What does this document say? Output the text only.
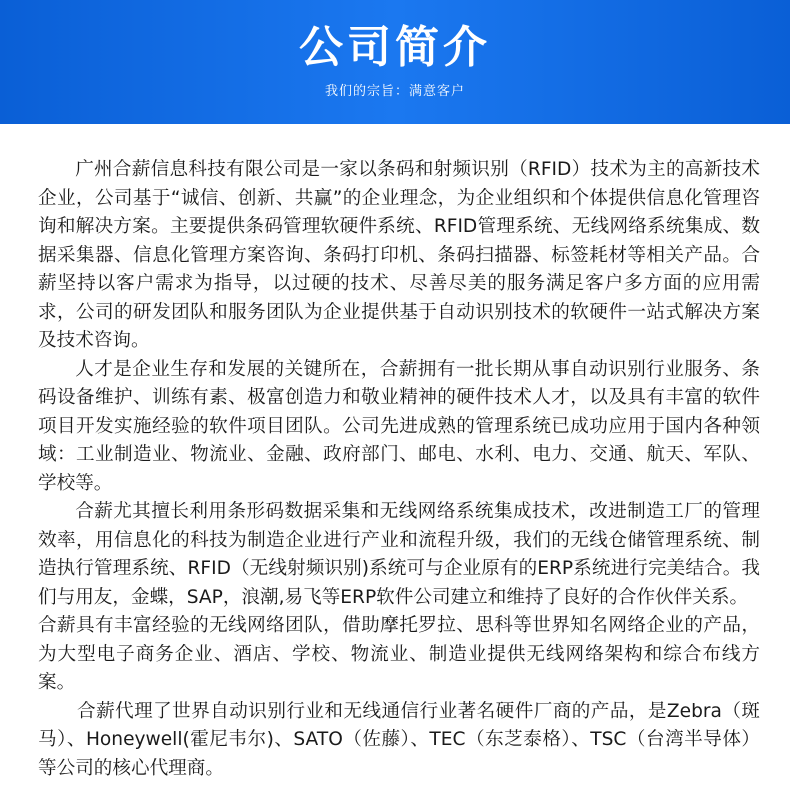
公司简介
我们的宗旨：满意客户

广州合薪信息科技有限公司是一家以条码和射频识别（RFID）技术为主的高新技术企业，公司基于“诚信、创新、共赢”的企业理念，为企业组织和个体提供信息化管理咨询和解决方案。主要提供条码管理软硬件系统、RFID管理系统、无线网络系统集成、数据采集器、信息化管理方案咨询、条码打印机、条码扫描器、标签耗材等相关产品。合薪坚持以客户需求为指导，以过硬的技术、尽善尽美的服务满足客户多方面的应用需求，公司的研发团队和服务团队为企业提供基于自动识别技术的软硬件一站式解决方案及技术咨询。

人才是企业生存和发展的关键所在，合薪拥有一批长期从事自动识别行业服务、条码设备维护、训练有素、极富创造力和敬业精神的硬件技术人才，以及具有丰富的软件项目开发实施经验的软件项目团队。公司先进成熟的管理系统已成功应用于国内各种领域：工业制造业、物流业、金融、政府部门、邮电、水利、电力、交通、航天、军队、学校等。

合薪尤其擅长利用条形码数据采集和无线网络系统集成技术，改进制造工厂的管理效率，用信息化的科技为制造企业进行产业和流程升级，我们的无线仓储管理系统、制造执行管理系统、RFID（无线射频识别)系统可与企业原有的ERP系统进行完美结合。我们与用友，金蝶，SAP，浪潮,易飞等ERP软件公司建立和维持了良好的合作伙伴关系。

合薪具有丰富经验的无线网络团队，借助摩托罗拉、思科等世界知名网络企业的产品，为大型电子商务企业、酒店、学校、物流业、制造业提供无线网络架构和综合布线方案。

合薪代理了世界自动识别行业和无线通信行业著名硬件厂商的产品，是Zebra（斑马）、Honeywell(霍尼韦尔)、SATO（佐藤）、TEC（东芝泰格）、TSC（台湾半导体）等公司的核心代理商。
